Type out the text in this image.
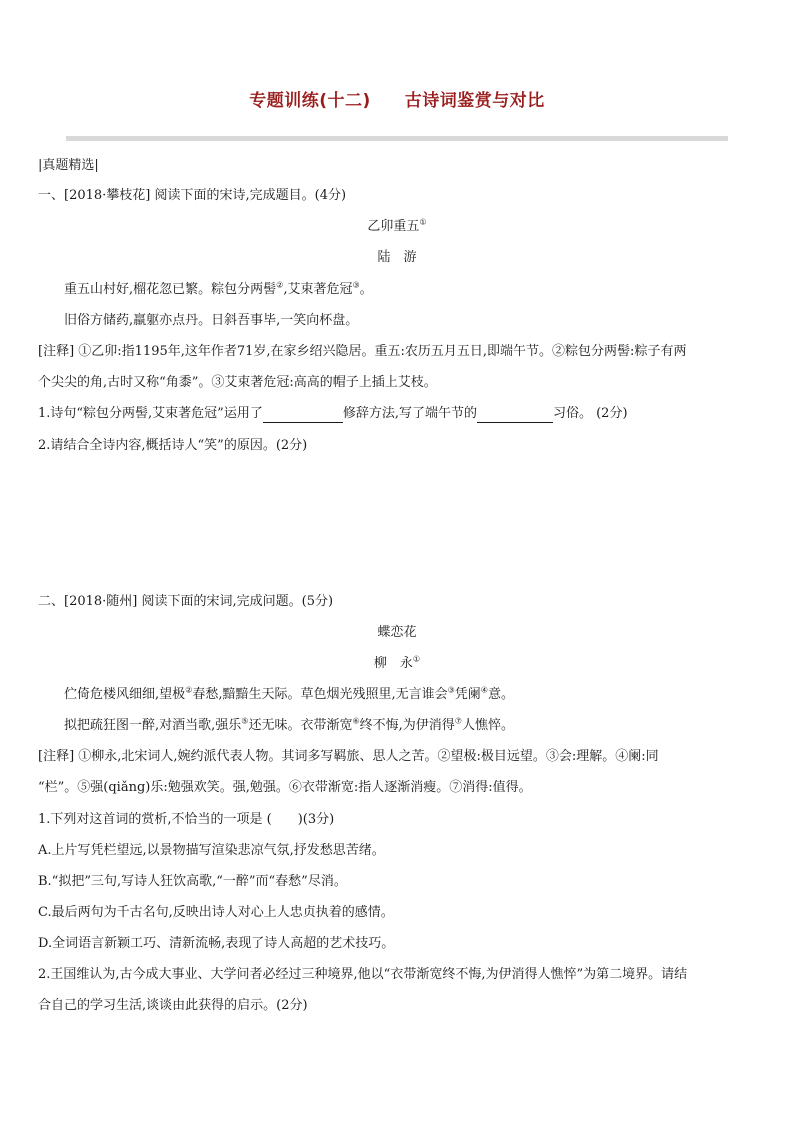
专题训练(十二) 古诗词鉴赏与对比
|真题精选|
一、[2018·攀枝花] 阅读下面的宋诗,完成题目。(4分)
乙卯重五①
陆　游
重五山村好,榴花忽已繁。粽包分两髻②,艾束著危冠③。
旧俗方储药,羸躯亦点丹。日斜吾事毕,一笑向杯盘。
[注释] ①乙卯:指1195年,这年作者71岁,在家乡绍兴隐居。重五:农历五月五日,即端午节。②粽包分两髻:粽子有两
个尖尖的角,古时又称“角黍”。③艾束著危冠:高高的帽子上插上艾枝。
1.诗句“粽包分两髻,艾束著危冠”运用了	修辞方法,写了端午节的	习俗。 (2分)
2.请结合全诗内容,概括诗人“笑”的原因。(2分)
二、[2018·随州] 阅读下面的宋词,完成问题。(5分)
蝶恋花
柳　永①
伫倚危楼风细细,望极②春愁,黯黯生天际。草色烟光残照里,无言谁会③凭阑④意。
拟把疏狂图一醉,对酒当歌,强乐⑤还无味。衣带渐宽⑥终不悔,为伊消得⑦人憔悴。
[注释] ①柳永,北宋词人,婉约派代表人物。其词多写羁旅、思人之苦。②望极:极目远望。③会:理解。④阑:同
“栏”。⑤强(qiǎng)乐:勉强欢笑。强,勉强。⑥衣带渐宽:指人逐渐消瘦。⑦消得:值得。
1.下列对这首词的赏析,不恰当的一项是 (　　)(3分)
A.上片写凭栏望远,以景物描写渲染悲凉气氛,抒发愁思苦绪。
B.“拟把”三句,写诗人狂饮高歌,“一醉”而“春愁”尽消。
C.最后两句为千古名句,反映出诗人对心上人忠贞执着的感情。
D.全词语言新颖工巧、清新流畅,表现了诗人高超的艺术技巧。
2.王国维认为,古今成大事业、大学问者必经过三种境界,他以“衣带渐宽终不悔,为伊消得人憔悴”为第二境界。请结
合自己的学习生活,谈谈由此获得的启示。(2分)
